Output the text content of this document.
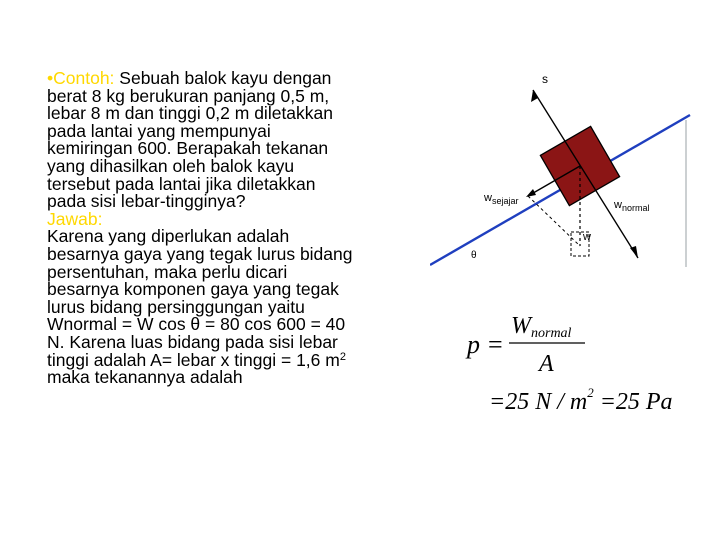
•Contoh: Sebuah balok kayu dengan
berat 8 kg berukuran panjang 0,5 m,
lebar 8 m dan tinggi 0,2 m diletakkan
pada lantai yang mempunyai
kemiringan 600. Berapakah tekanan
yang dihasilkan oleh balok kayu
tersebut pada lantai jika diletakkan
pada sisi lebar-tingginya?
Jawab:
Karena yang diperlukan adalah
besarnya gaya yang tegak lurus bidang
persentuhan, maka perlu dicari
besarnya komponen gaya yang tegak
lurus bidang persinggungan yaitu
Wnormal = W cos θ = 80 cos 600 = 40
N. Karena luas bidang pada sisi lebar
tinggi adalah A= lebar x tinggi = 1,6 $m^2$
maka tekanannya adalah
s
$w_{sejajar}$	$w_{normal}$
w
θ
p =
Wnormal
A
=25 $N / m^2 =25$ Pa
